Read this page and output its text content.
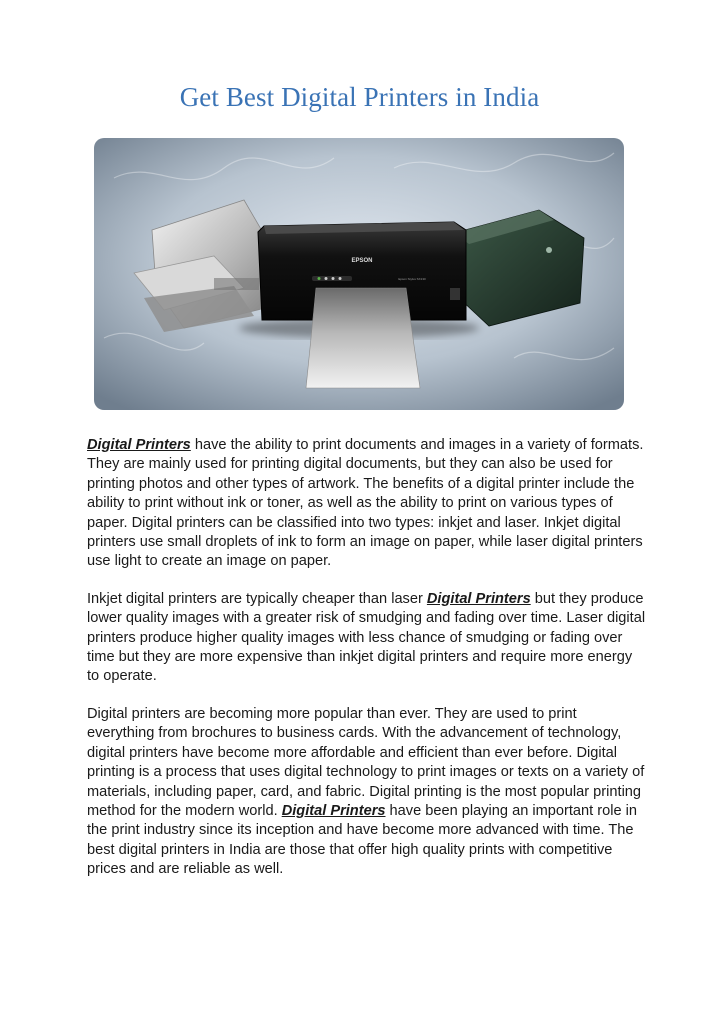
Get Best Digital Printers in India
EPSON
Epson Stylus SX130

Digital Printers have the ability to print documents and images in a variety of formats. They are mainly used for printing digital documents, but they can also be used for printing photos and other types of artwork. The benefits of a digital printer include the ability to print without ink or toner, as well as the ability to print on various types of paper. Digital printers can be classified into two types: inkjet and laser. Inkjet digital printers use small droplets of ink to form an image on paper, while laser digital printers use light to create an image on paper.

Inkjet digital printers are typically cheaper than laser Digital Printers but they produce lower quality images with a greater risk of smudging and fading over time. Laser digital printers produce higher quality images with less chance of smudging or fading over time but they are more expensive than inkjet digital printers and require more energy to operate.

Digital printers are becoming more popular than ever. They are used to print everything from brochures to business cards. With the advancement of technology, digital printers have become more affordable and efficient than ever before. Digital printing is a process that uses digital technology to print images or texts on a variety of materials, including paper, card, and fabric. Digital printing is the most popular printing method for the modern world. Digital Printers have been playing an important role in the print industry since its inception and have become more advanced with time. The best digital printers in India are those that offer high quality prints with competitive prices and are reliable as well.
